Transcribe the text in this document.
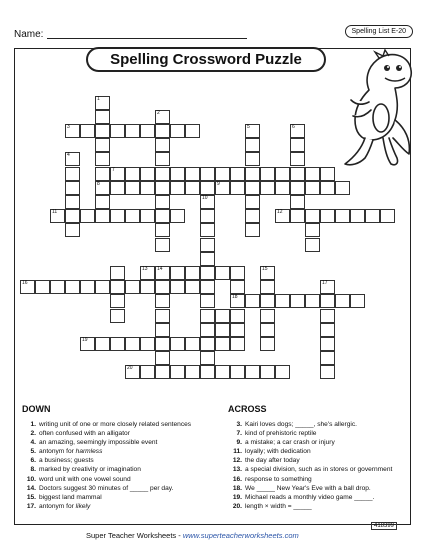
Name:	Spelling List E-20
Spelling Crossword Puzzle
1
8
2
3
4
5	6
7
9
10
11	12
13 14	15
16	17
18
19
20
DOWN
1. writing unit of one or more closely related sentences
2. often confused with an alligator
4. an amazing, seemingly impossible event
5. antonym for harmless
6. a business; guests
8. marked by creativity or imagination
10. word unit with one vowel sound
14. Doctors suggest 30 minutes of _____ per day.
15. biggest land mammal
17. antonym for likely
ACROSS
3. Kairi loves dogs; _____, she's allergic.
7. kind of prehistoric reptile
9. a mistake; a car crash or injury
11. loyally; with dedication
12. the day after today
13. a special division, such as in stores or government
16. response to something
18. We _____ New Year's Eve with a ball drop.
19. Michael reads a monthly video game _____.
20. length × width = _____
Super Teacher Worksheets - www.superteacherworksheets.com
418399
